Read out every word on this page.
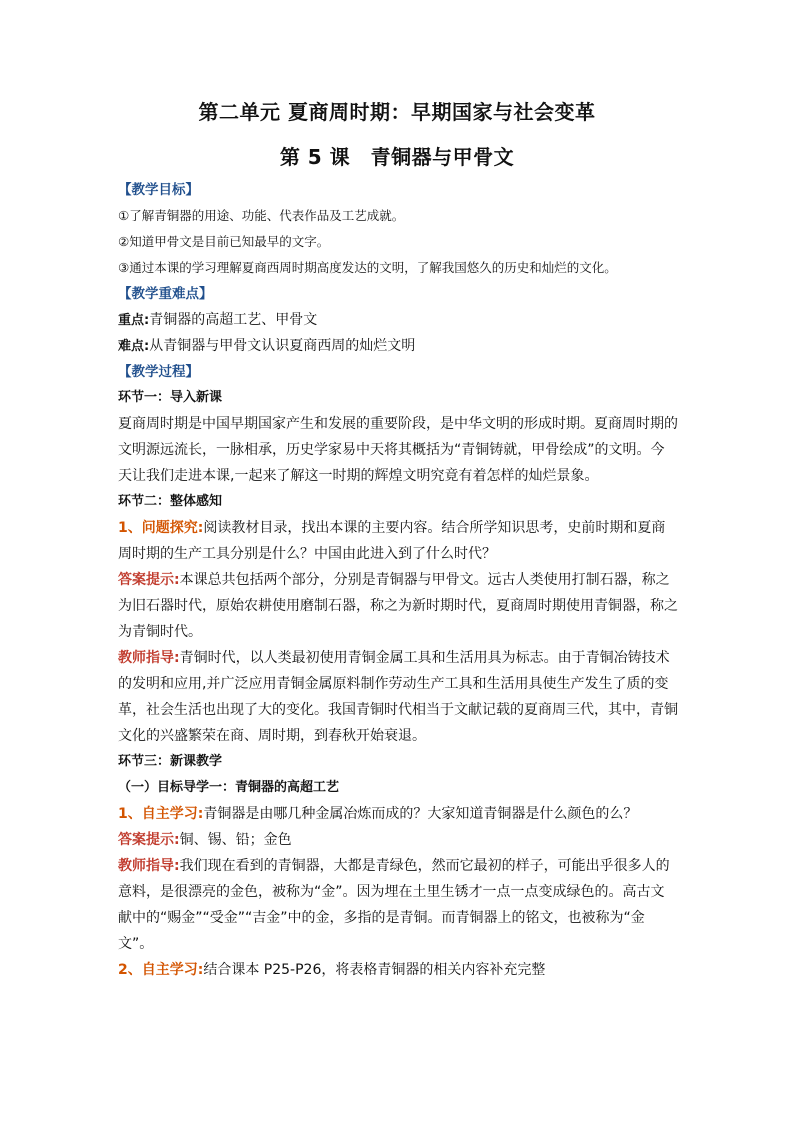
第二单元 夏商周时期：早期国家与社会变革
第 5 课　青铜器与甲骨文
【教学目标】
①了解青铜器的用途、功能、代表作品及工艺成就。
②知道甲骨文是目前已知最早的文字。
③通过本课的学习理解夏商西周时期高度发达的文明，了解我国悠久的历史和灿烂的文化。
【教学重难点】
重点:青铜器的高超工艺、甲骨文
难点:从青铜器与甲骨文认识夏商西周的灿烂文明
【教学过程】
环节一：导入新课
夏商周时期是中国早期国家产生和发展的重要阶段，是中华文明的形成时期。夏商周时期的
文明源远流长，一脉相承，历史学家易中天将其概括为“青铜铸就，甲骨绘成”的文明。今
天让我们走进本课,一起来了解这一时期的辉煌文明究竟有着怎样的灿烂景象。
环节二：整体感知
1、问题探究:阅读教材目录，找出本课的主要内容。结合所学知识思考，史前时期和夏商
周时期的生产工具分别是什么？中国由此进入到了什么时代？
答案提示:本课总共包括两个部分，分别是青铜器与甲骨文。远古人类使用打制石器，称之
为旧石器时代，原始农耕使用磨制石器，称之为新时期时代，夏商周时期使用青铜器，称之
为青铜时代。
教师指导:青铜时代，以人类最初使用青铜金属工具和生活用具为标志。由于青铜冶铸技术
的发明和应用,并广泛应用青铜金属原料制作劳动生产工具和生活用具使生产发生了质的变
革，社会生活也出现了大的变化。我国青铜时代相当于文献记载的夏商周三代，其中，青铜
文化的兴盛繁荣在商、周时期，到春秋开始衰退。
环节三：新课教学
（一）目标导学一：青铜器的高超工艺
1、自主学习:青铜器是由哪几种金属冶炼而成的？大家知道青铜器是什么颜色的么？
答案提示:铜、锡、铅；金色
教师指导:我们现在看到的青铜器，大都是青绿色，然而它最初的样子，可能出乎很多人的
意料，是很漂亮的金色，被称为“金”。因为埋在土里生锈才一点一点变成绿色的。高古文
献中的“赐金”“受金”“吉金”中的金，多指的是青铜。而青铜器上的铭文，也被称为“金
文”。
2、自主学习:结合课本 P25-P26，将表格青铜器的相关内容补充完整
